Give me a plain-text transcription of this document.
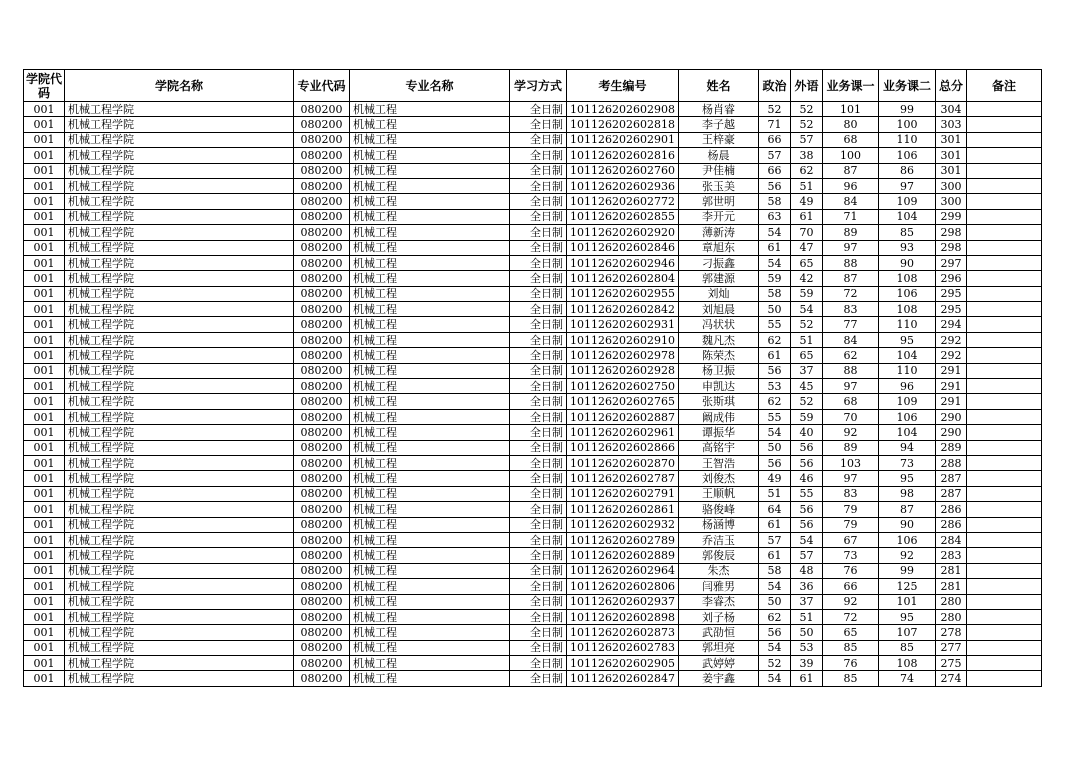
学院代码	学院名称	专业代码	专业名称	学习方式	考生编号	姓名	政治	外语	业务课一	业务课二	总分	备注
001	机械工程学院	080200	机械工程	全日制	101126202602908	杨肖睿	52	52	101	99	304	
001	机械工程学院	080200	机械工程	全日制	101126202602818	李子越	71	52	80	100	303	
001	机械工程学院	080200	机械工程	全日制	101126202602901	王梓豪	66	57	68	110	301	
001	机械工程学院	080200	机械工程	全日制	101126202602816	杨晨	57	38	100	106	301	
001	机械工程学院	080200	机械工程	全日制	101126202602760	尹佳楠	66	62	87	86	301	
001	机械工程学院	080200	机械工程	全日制	101126202602936	张玉美	56	51	96	97	300	
001	机械工程学院	080200	机械工程	全日制	101126202602772	郭世明	58	49	84	109	300	
001	机械工程学院	080200	机械工程	全日制	101126202602855	李开元	63	61	71	104	299	
001	机械工程学院	080200	机械工程	全日制	101126202602920	薄新涛	54	70	89	85	298	
001	机械工程学院	080200	机械工程	全日制	101126202602846	章旭东	61	47	97	93	298	
001	机械工程学院	080200	机械工程	全日制	101126202602946	刁振鑫	54	65	88	90	297	
001	机械工程学院	080200	机械工程	全日制	101126202602804	郭建源	59	42	87	108	296	
001	机械工程学院	080200	机械工程	全日制	101126202602955	刘灿	58	59	72	106	295	
001	机械工程学院	080200	机械工程	全日制	101126202602842	刘旭晨	50	54	83	108	295	
001	机械工程学院	080200	机械工程	全日制	101126202602931	冯状状	55	52	77	110	294	
001	机械工程学院	080200	机械工程	全日制	101126202602910	魏凡杰	62	51	84	95	292	
001	机械工程学院	080200	机械工程	全日制	101126202602978	陈荣杰	61	65	62	104	292	
001	机械工程学院	080200	机械工程	全日制	101126202602928	杨卫振	56	37	88	110	291	
001	机械工程学院	080200	机械工程	全日制	101126202602750	申凯达	53	45	97	96	291	
001	机械工程学院	080200	机械工程	全日制	101126202602765	张斯琪	62	52	68	109	291	
001	机械工程学院	080200	机械工程	全日制	101126202602887	阚成伟	55	59	70	106	290	
001	机械工程学院	080200	机械工程	全日制	101126202602961	谭振华	54	40	92	104	290	
001	机械工程学院	080200	机械工程	全日制	101126202602866	高铭宇	50	56	89	94	289	
001	机械工程学院	080200	机械工程	全日制	101126202602870	王智浩	56	56	103	73	288	
001	机械工程学院	080200	机械工程	全日制	101126202602787	刘俊杰	49	46	97	95	287	
001	机械工程学院	080200	机械工程	全日制	101126202602791	王顺帆	51	55	83	98	287	
001	机械工程学院	080200	机械工程	全日制	101126202602861	骆俊峰	64	56	79	87	286	
001	机械工程学院	080200	机械工程	全日制	101126202602932	杨涵博	61	56	79	90	286	
001	机械工程学院	080200	机械工程	全日制	101126202602789	乔洁玉	57	54	67	106	284	
001	机械工程学院	080200	机械工程	全日制	101126202602889	郭俊辰	61	57	73	92	283	
001	机械工程学院	080200	机械工程	全日制	101126202602964	朱杰	58	48	76	99	281	
001	机械工程学院	080200	机械工程	全日制	101126202602806	闫雅男	54	36	66	125	281	
001	机械工程学院	080200	机械工程	全日制	101126202602937	李睿杰	50	37	92	101	280	
001	机械工程学院	080200	机械工程	全日制	101126202602898	刘子杨	62	51	72	95	280	
001	机械工程学院	080200	机械工程	全日制	101126202602873	武劭恒	56	50	65	107	278	
001	机械工程学院	080200	机械工程	全日制	101126202602783	郭坦亮	54	53	85	85	277	
001	机械工程学院	080200	机械工程	全日制	101126202602905	武婷婷	52	39	76	108	275	
001	机械工程学院	080200	机械工程	全日制	101126202602847	姜宇鑫	54	61	85	74	274	
